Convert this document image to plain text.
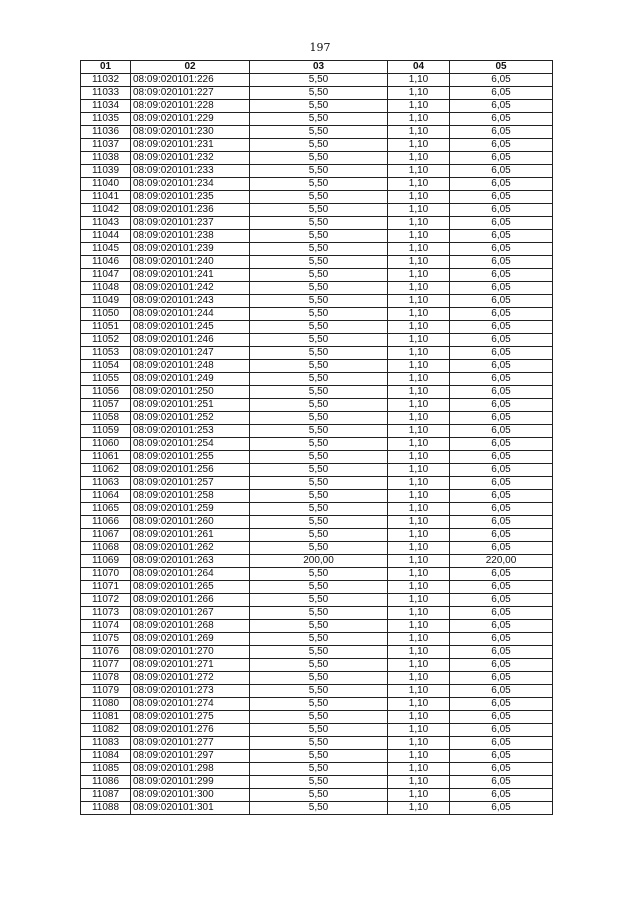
197
01	02	03	04	05
11032	08:09:020101:226	5,50	1,10	6,05
11033	08:09:020101:227	5,50	1,10	6,05
11034	08:09:020101:228	5,50	1,10	6,05
11035	08:09:020101:229	5,50	1,10	6,05
11036	08:09:020101:230	5,50	1,10	6,05
11037	08:09:020101:231	5,50	1,10	6,05
11038	08:09:020101:232	5,50	1,10	6,05
11039	08:09:020101:233	5,50	1,10	6,05
11040	08:09:020101:234	5,50	1,10	6,05
11041	08:09:020101:235	5,50	1,10	6,05
11042	08:09:020101:236	5,50	1,10	6,05
11043	08:09:020101:237	5,50	1,10	6,05
11044	08:09:020101:238	5,50	1,10	6,05
11045	08:09:020101:239	5,50	1,10	6,05
11046	08:09:020101:240	5,50	1,10	6,05
11047	08:09:020101:241	5,50	1,10	6,05
11048	08:09:020101:242	5,50	1,10	6,05
11049	08:09:020101:243	5,50	1,10	6,05
11050	08:09:020101:244	5,50	1,10	6,05
11051	08:09:020101:245	5,50	1,10	6,05
11052	08:09:020101:246	5,50	1,10	6,05
11053	08:09:020101:247	5,50	1,10	6,05
11054	08:09:020101:248	5,50	1,10	6,05
11055	08:09:020101:249	5,50	1,10	6,05
11056	08:09:020101:250	5,50	1,10	6,05
11057	08:09:020101:251	5,50	1,10	6,05
11058	08:09:020101:252	5,50	1,10	6,05
11059	08:09:020101:253	5,50	1,10	6,05
11060	08:09:020101:254	5,50	1,10	6,05
11061	08:09:020101:255	5,50	1,10	6,05
11062	08:09:020101:256	5,50	1,10	6,05
11063	08:09:020101:257	5,50	1,10	6,05
11064	08:09:020101:258	5,50	1,10	6,05
11065	08:09:020101:259	5,50	1,10	6,05
11066	08:09:020101:260	5,50	1,10	6,05
11067	08:09:020101:261	5,50	1,10	6,05
11068	08:09:020101:262	5,50	1,10	6,05
11069	08:09:020101:263	200,00	1,10	220,00
11070	08:09:020101:264	5,50	1,10	6,05
11071	08:09:020101:265	5,50	1,10	6,05
11072	08:09:020101:266	5,50	1,10	6,05
11073	08:09:020101:267	5,50	1,10	6,05
11074	08:09:020101:268	5,50	1,10	6,05
11075	08:09:020101:269	5,50	1,10	6,05
11076	08:09:020101:270	5,50	1,10	6,05
11077	08:09:020101:271	5,50	1,10	6,05
11078	08:09:020101:272	5,50	1,10	6,05
11079	08:09:020101:273	5,50	1,10	6,05
11080	08:09:020101:274	5,50	1,10	6,05
11081	08:09:020101:275	5,50	1,10	6,05
11082	08:09:020101:276	5,50	1,10	6,05
11083	08:09:020101:277	5,50	1,10	6,05
11084	08:09:020101:297	5,50	1,10	6,05
11085	08:09:020101:298	5,50	1,10	6,05
11086	08:09:020101:299	5,50	1,10	6,05
11087	08:09:020101:300	5,50	1,10	6,05
11088	08:09:020101:301	5,50	1,10	6,05
